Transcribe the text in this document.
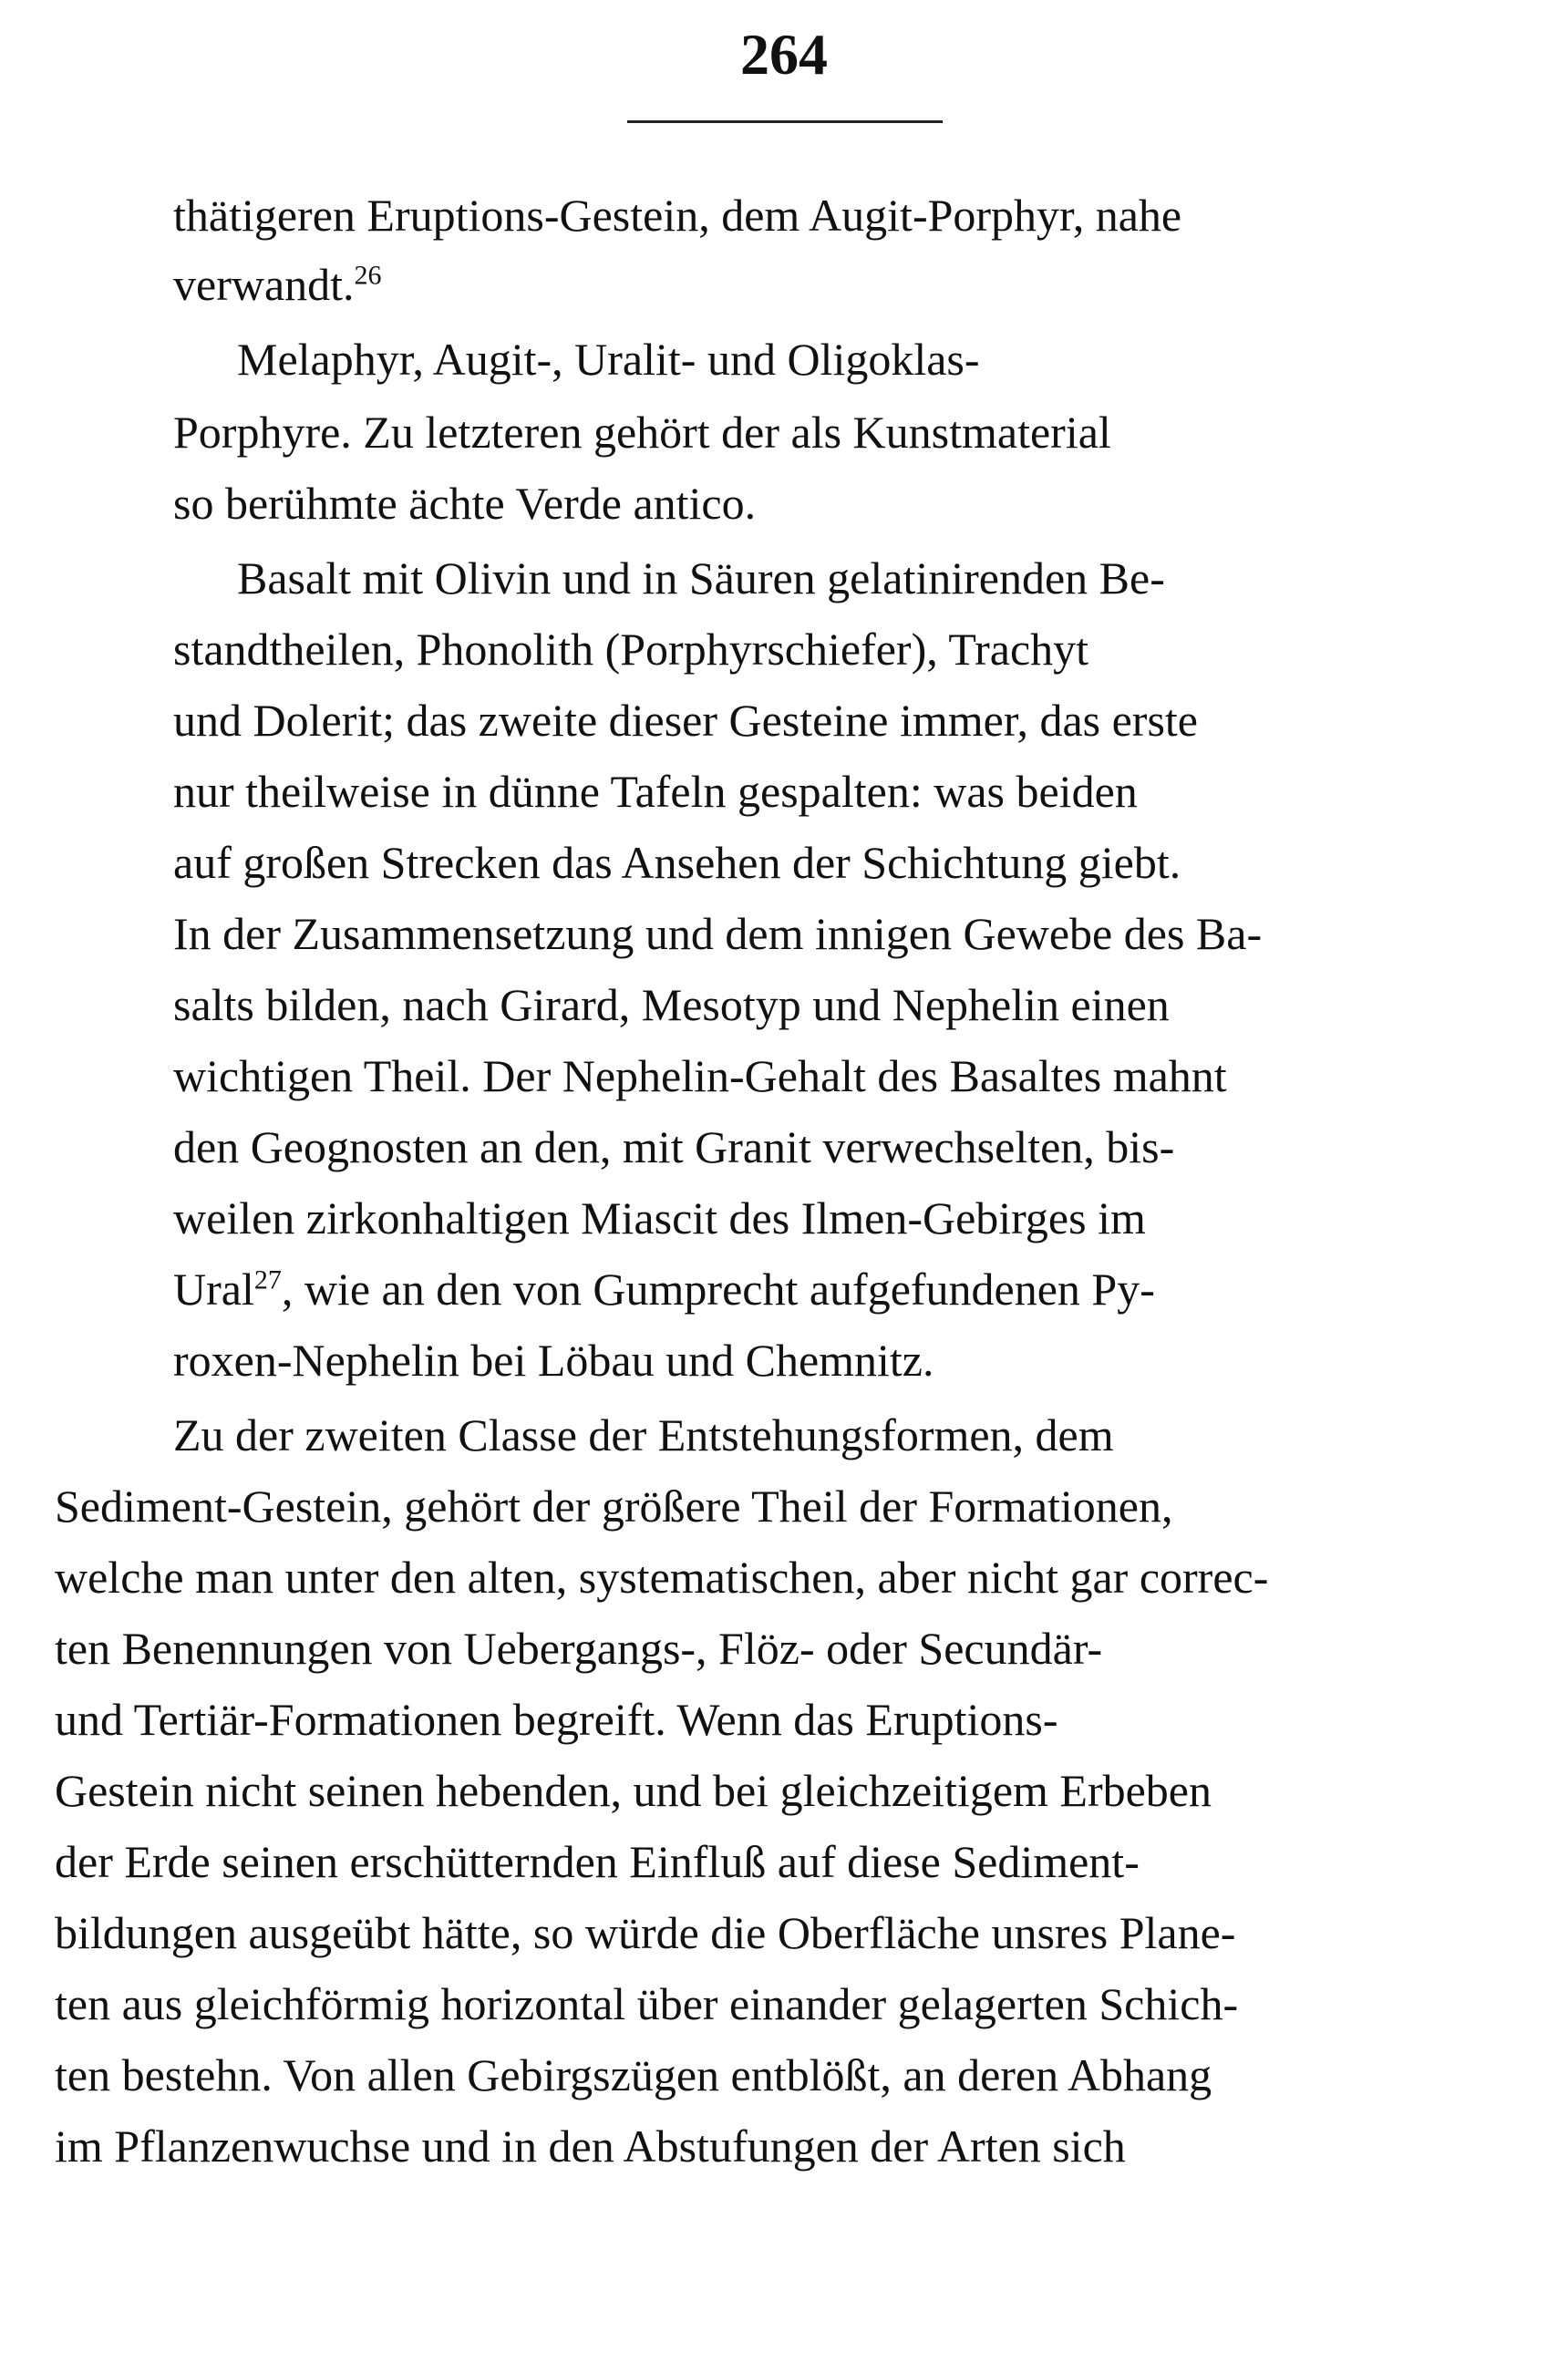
264
thätigeren Eruptions-Gestein, dem Augit-Porphyr, nahe
verwandt.$^{26}$
Melaphyr, Augit-, Uralit- und Oligoklas-
Porphyre. Zu letzteren gehört der als Kunstmaterial
so berühmte ächte Verde antico.
Basalt mit Olivin und in Säuren gelatinirenden Be-
standtheilen, Phonolith (Porphyrschiefer), Trachyt
und Dolerit; das zweite dieser Gesteine immer, das erste
nur theilweise in dünne Tafeln gespalten: was beiden
auf großen Strecken das Ansehen der Schichtung giebt.
In der Zusammensetzung und dem innigen Gewebe des Ba-
salts bilden, nach Girard, Mesotyp und Nephelin einen
wichtigen Theil. Der Nephelin-Gehalt des Basaltes mahnt
den Geognosten an den, mit Granit verwechselten, bis-
weilen zirkonhaltigen Miascit des Ilmen-Gebirges im
Ural$^{27}$, wie an den von Gumprecht aufgefundenen Py-
roxen-Nephelin bei Löbau und Chemnitz.
Zu der zweiten Classe der Entstehungsformen, dem
Sediment-Gestein, gehört der größere Theil der Formationen,
welche man unter den alten, systematischen, aber nicht gar correc-
ten Benennungen von Uebergangs-, Flöz- oder Secundär-
und Tertiär-Formationen begreift. Wenn das Eruptions-
Gestein nicht seinen hebenden, und bei gleichzeitigem Erbeben
der Erde seinen erschütternden Einfluß auf diese Sediment-
bildungen ausgeübt hätte, so würde die Oberfläche unsres Plane-
ten aus gleichförmig horizontal über einander gelagerten Schich-
ten bestehn. Von allen Gebirgszügen entblößt, an deren Abhang
im Pflanzenwuchse und in den Abstufungen der Arten sich
